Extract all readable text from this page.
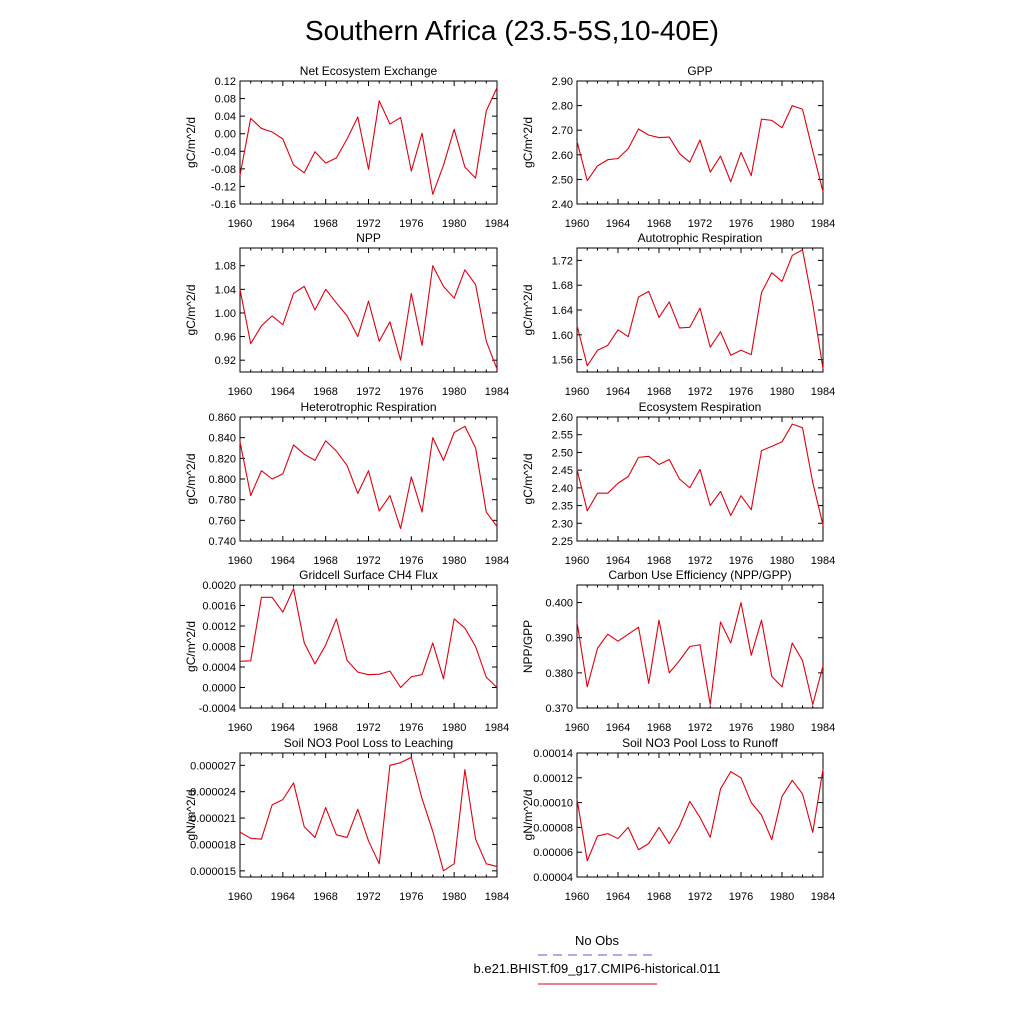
Southern Africa (23.5-5S,10-40E)
Net Ecosystem Exchange
gC/m^2/d
1960 1964 1968 1972 1976 1980 1984
-0.16
-0.12
-0.08
-0.04
0.00
0.04
0.08
0.12
GPP
gC/m^2/d
1960 1964 1968 1972 1976 1980 1984
2.40
2.50
2.60
2.70
2.80
2.90
NPP
gC/m^2/d
1960 1964 1968 1972 1976 1980 1984
0.92
0.96
1.00
1.04
1.08
Autotrophic Respiration
gC/m^2/d
1960 1964 1968 1972 1976 1980 1984
1.56
1.60
1.64
1.68
1.72
Heterotrophic Respiration
gC/m^2/d
1960 1964 1968 1972 1976 1980 1984
0.740
0.760
0.780
0.800
0.820
0.840
0.860
Ecosystem Respiration
gC/m^2/d
1960 1964 1968 1972 1976 1980 1984
2.25
2.30
2.35
2.40
2.45
2.50
2.55
2.60
Gridcell Surface CH4 Flux
gC/m^2/d
1960 1964 1968 1972 1976 1980 1984
-0.0004
0.0000
0.0004
0.0008
0.0012
0.0016
0.0020
Carbon Use Efficiency (NPP/GPP)
NPP/GPP
1960 1964 1968 1972 1976 1980 1984
0.370
0.380
0.390
0.400
Soil NO3 Pool Loss to Leaching
gN/m^2/d
1960 1964 1968 1972 1976 1980 1984
0.000015
0.000018
0.000021
0.000024
0.000027
Soil NO3 Pool Loss to Runoff
gN/m^2/d
1960 1964 1968 1972 1976 1980 1984
0.00004
0.00006
0.00008
0.00010
0.00012
0.00014
No Obs
b.e21.BHIST.f09_g17.CMIP6-historical.011
